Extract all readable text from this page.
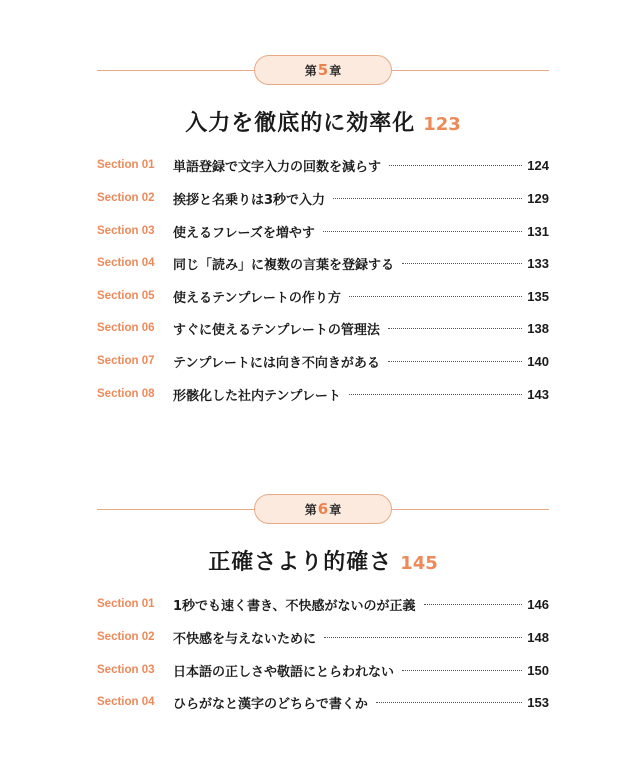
第5章
入力を徹底的に効率化 123
Section 01	単語登録で文字入力の回数を減らす	124
Section 02	挨拶と名乗りは3秒で入力	129
Section 03	使えるフレーズを増やす	131
Section 04	同じ「読み」に複数の言葉を登録する	133
Section 05	使えるテンプレートの作り方	135
Section 06	すぐに使えるテンプレートの管理法	138
Section 07	テンプレートには向き不向きがある	140
Section 08	形骸化した社内テンプレート	143
第6章
正確さより的確さ 145
Section 01	1秒でも速く書き、不快感がないのが正義	146
Section 02	不快感を与えないために	148
Section 03	日本語の正しさや敬語にとらわれない	150
Section 04	ひらがなと漢字のどちらで書くか	153
